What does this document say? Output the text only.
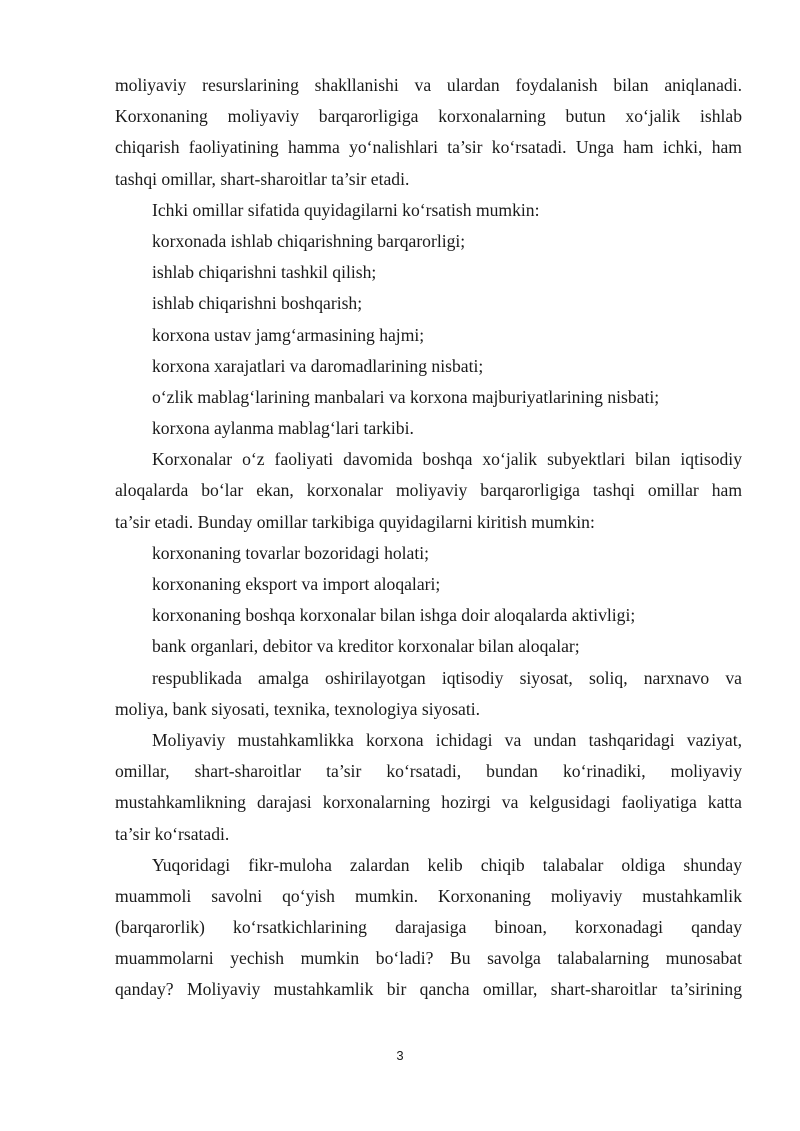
moliyaviy resurslarining shakllanishi va ulardan foydalanish bilan aniqlanadi.
Korxonaning moliyaviy barqarorligiga korxonalarning butun xo‘jalik ishlab
chiqarish faoliyatining hamma yo‘nalishlari ta’sir ko‘rsatadi. Unga ham ichki, ham
tashqi omillar, shart-sharoitlar ta’sir etadi.
Ichki omillar sifatida quyidagilarni ko‘rsatish mumkin:
korxonada ishlab chiqarishning barqarorligi;
ishlab chiqarishni tashkil qilish;
ishlab chiqarishni boshqarish;
korxona ustav jamg‘armasining hajmi;
korxona xarajatlari va daromadlarining nisbati;
o‘zlik mablag‘larining manbalari va korxona majburiyatlarining nisbati;
korxona aylanma mablag‘lari tarkibi.
Korxonalar o‘z faoliyati davomida boshqa xo‘jalik subyektlari bilan iqtisodiy
aloqalarda bo‘lar ekan, korxonalar moliyaviy barqarorligiga tashqi omillar ham
ta’sir etadi. Bunday omillar tarkibiga quyidagilarni kiritish mumkin:
korxonaning tovarlar bozoridagi holati;
korxonaning eksport va import aloqalari;
korxonaning boshqa korxonalar bilan ishga doir aloqalarda aktivligi;
bank organlari, debitor va kreditor korxonalar bilan aloqalar;
respublikada amalga oshirilayotgan iqtisodiy siyosat, soliq, narxnavo va
moliya, bank siyosati, texnika, texnologiya siyosati.
Moliyaviy mustahkamlikka korxona ichidagi va undan tashqaridagi vaziyat,
omillar, shart-sharoitlar ta’sir ko‘rsatadi, bundan ko‘rinadiki, moliyaviy
mustahkamlikning darajasi korxonalarning hozirgi va kelgusidagi faoliyatiga katta
ta’sir ko‘rsatadi.
Yuqoridagi fikr-muloha zalardan kelib chiqib talabalar oldiga shunday
muammoli savolni qo‘yish mumkin. Korxonaning moliyaviy mustahkamlik
(barqarorlik) ko‘rsatkichlarining darajasiga binoan, korxonadagi qanday
muammolarni yechish mumkin bo‘ladi? Bu savolga talabalarning munosabat
qanday? Moliyaviy mustahkamlik bir qancha omillar, shart-sharoitlar ta’sirining
3
